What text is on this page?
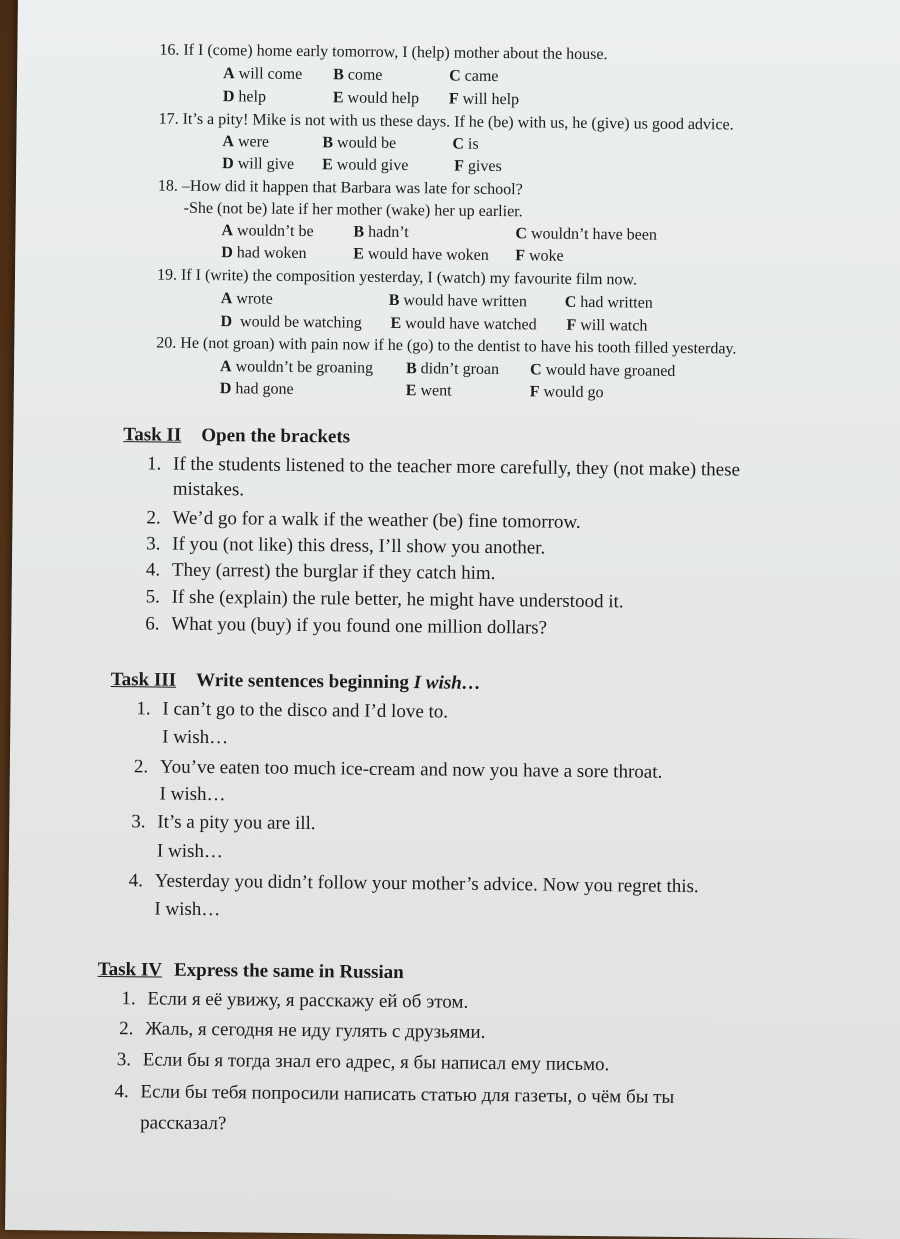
16. If I (come) home early tomorrow, I (help) mother about the house.
A will come B come	C came
D help	E would help F will help
17. It’s a pity! Mike is not with us these days. If he (be) with us, he (give) us good advice.
A were	B would be	C is
D will give E would give	F gives
18. –How did it happen that Barbara was late for school?
-She (not be) late if her mother (wake) her up earlier.
A wouldn’t be B hadn’t	C wouldn’t have been
D had woken	E would have woken F woke
19. If I (write) the composition yesterday, I (watch) my favourite film now.
A wrote	B would have written C had written
D would be watching E would have watched F will watch
20. He (not groan) with pain now if he (go) to the dentist to have his tooth filled yesterday.
A wouldn’t be groaning B didn’t groan C would have groaned
D had gone	E went	F would go
Task II Open the brackets
1. If the students listened to the teacher more carefully, they (not make) these
mistakes.
2. We’d go for a walk if the weather (be) fine tomorrow.
3. If you (not like) this dress, I’ll show you another.
4. They (arrest) the burglar if they catch him.
5. If she (explain) the rule better, he might have understood it.
6. What you (buy) if you found one million dollars?
Task III Write sentences beginning I wish…
1. I can’t go to the disco and I’d love to.
I wish…
2. You’ve eaten too much ice-cream and now you have a sore throat.
I wish…
3. It’s a pity you are ill.
I wish…
4. Yesterday you didn’t follow your mother’s advice. Now you regret this.
I wish…
Task IV Express the same in Russian
1. Если я её увижу, я расскажу ей об этом.
2. Жаль, я сегодня не иду гулять с друзьями.
3. Если бы я тогда знал его адрес, я бы написал ему письмо.
4. Если бы тебя попросили написать статью для газеты, о чём бы ты
рассказал?
